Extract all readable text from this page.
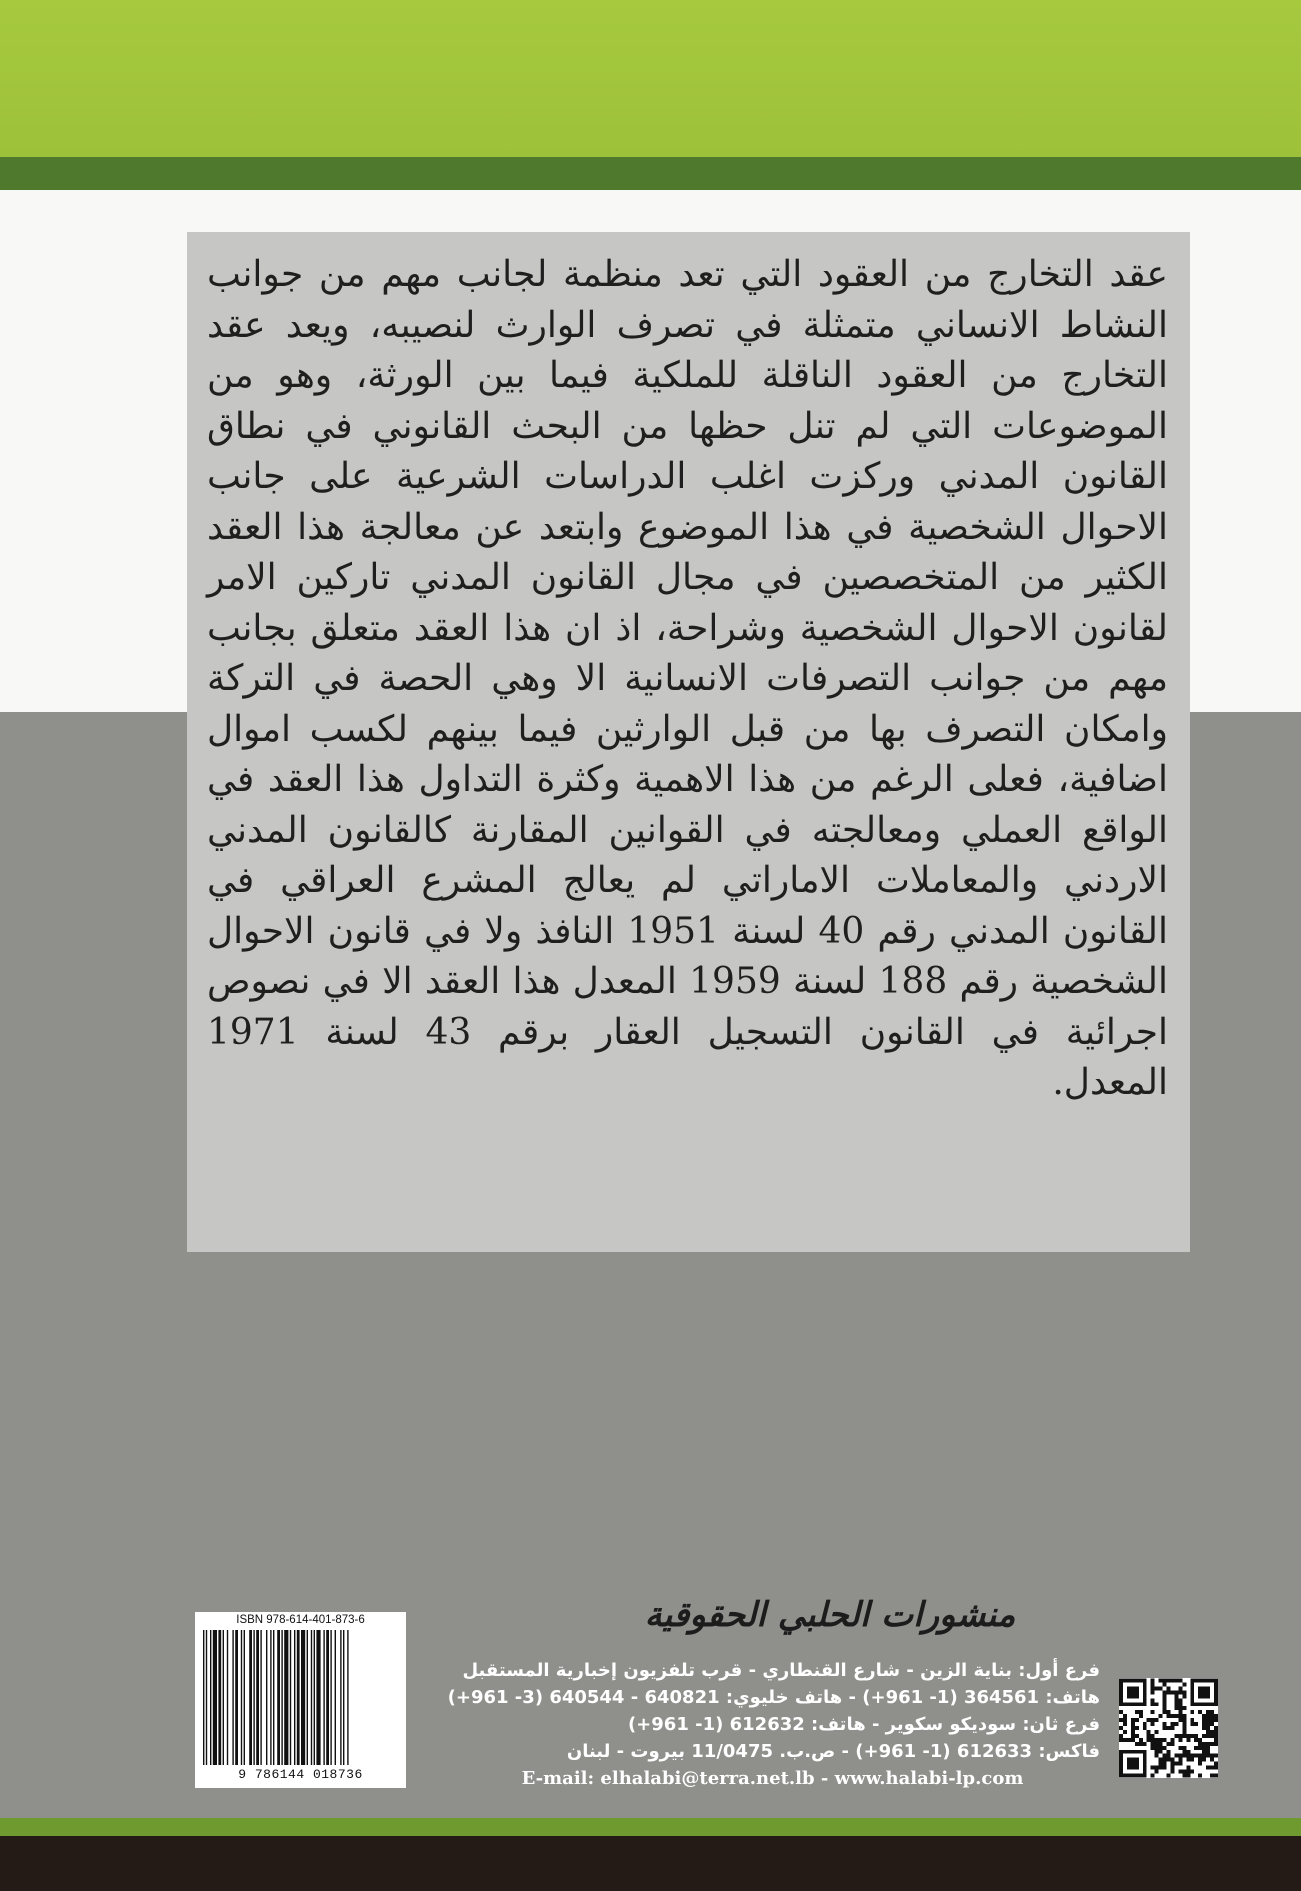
عقد التخارج من العقود التي تعد منظمة لجانب مهم من جوانب النشاط الانساني متمثلة في تصرف الوارث لنصيبه، ويعد عقد التخارج من العقود الناقلة للملكية فيما بين الورثة، وهو من الموضوعات التي لم تنل حظها من البحث القانوني في نطاق القانون المدني وركزت اغلب الدراسات الشرعية على جانب الاحوال الشخصية في هذا الموضوع وابتعد عن معالجة هذا العقد الكثير من المتخصصين في مجال القانون المدني تاركين الامر لقانون الاحوال الشخصية وشراحة، اذ ان هذا العقد متعلق بجانب مهم من جوانب التصرفات الانسانية الا وهي الحصة في التركة وامكان التصرف بها من قبل الوارثين فيما بينهم لكسب اموال اضافية، فعلى الرغم من هذا الاهمية وكثرة التداول هذا العقد في الواقع العملي ومعالجته في القوانين المقارنة كالقانون المدني الاردني والمعاملات الاماراتي لم يعالج المشرع العراقي في القانون المدني رقم 40 لسنة 1951 النافذ ولا في قانون الاحوال الشخصية رقم 188 لسنة 1959 المعدل هذا العقد الا في نصوص اجرائية في القانون التسجيل العقار برقم 43 لسنة 1971 المعدل.

منشورات الحلبي الحقوقية
فرع أول: بناية الزين - شارع القنطاري - قرب تلفزيون إخبارية المستقبل
هاتف: 364561 (1- 961+) - هاتف خليوي: 640821 - 640544 (3- 961+)
فرع ثان: سوديكو سكوير - هاتف: 612632 (1- 961+)
فاكس: 612633 (1- 961+) - ص.ب. 11/0475 بيروت - لبنان
E-mail: elhalabi@terra.net.lb - www.halabi-lp.com
ISBN 978-614-401-873-6
9 786144 018736
